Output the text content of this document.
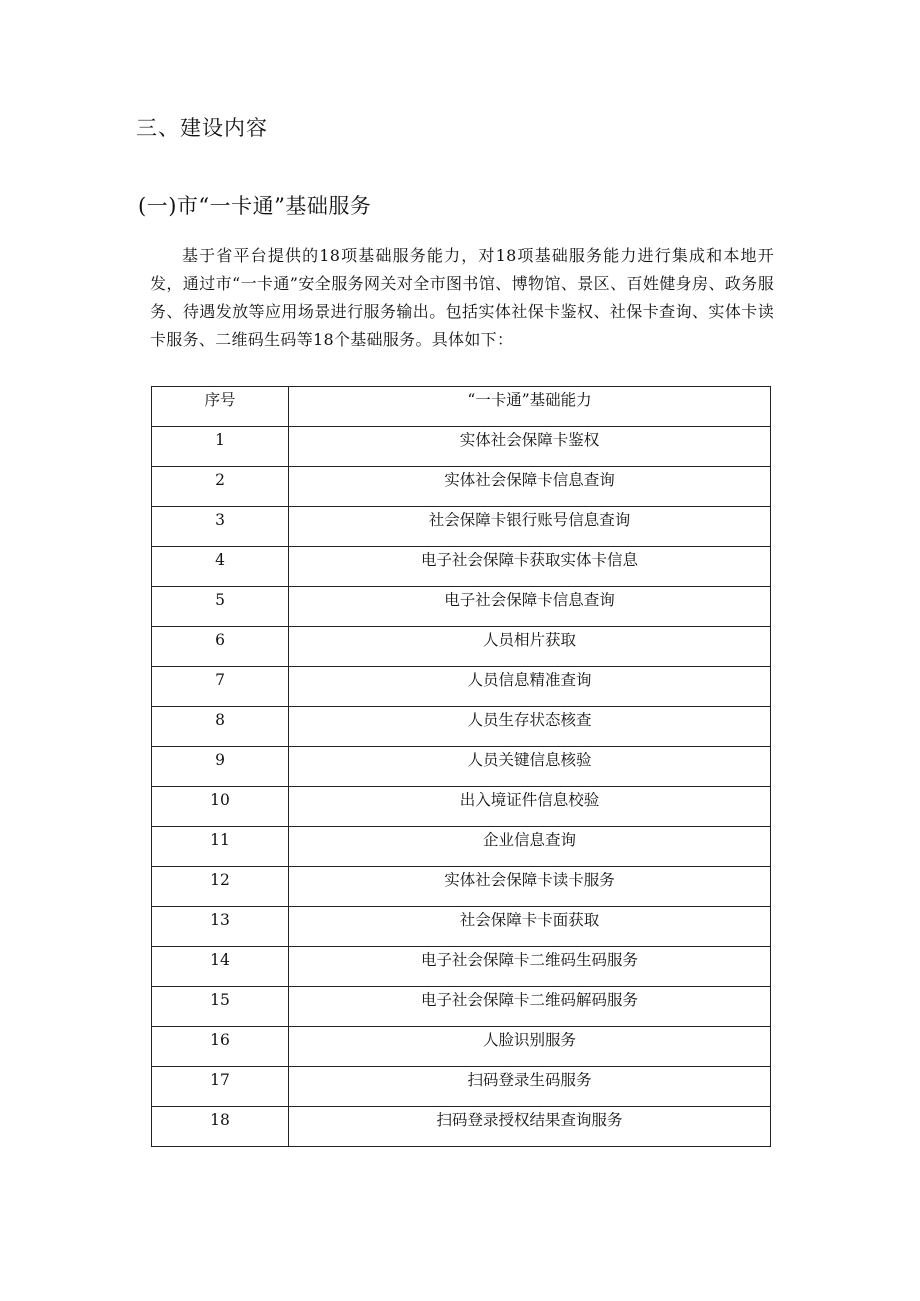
三、建设内容
(一)市“一卡通”基础服务

基于省平台提供的18项基础服务能力，对18项基础服务能力进行集成和本地开发，通过市“一卡通”安全服务网关对全市图书馆、博物馆、景区、百姓健身房、政务服务、待遇发放等应用场景进行服务输出。包括实体社保卡鉴权、社保卡查询、实体卡读卡服务、二维码生码等18个基础服务。具体如下：

序号	“一卡通”基础能力

1	实体社会保障卡鉴权

2	实体社会保障卡信息查询

3	社会保障卡银行账号信息查询

4	电子社会保障卡获取实体卡信息

5	电子社会保障卡信息查询

6	人员相片获取

7	人员信息精准查询

8	人员生存状态核查

9	人员关键信息核验

10	出入境证件信息校验

11	企业信息查询

12	实体社会保障卡读卡服务

13	社会保障卡卡面获取

14	电子社会保障卡二维码生码服务

15	电子社会保障卡二维码解码服务

16	人脸识别服务

17	扫码登录生码服务

18	扫码登录授权结果查询服务
